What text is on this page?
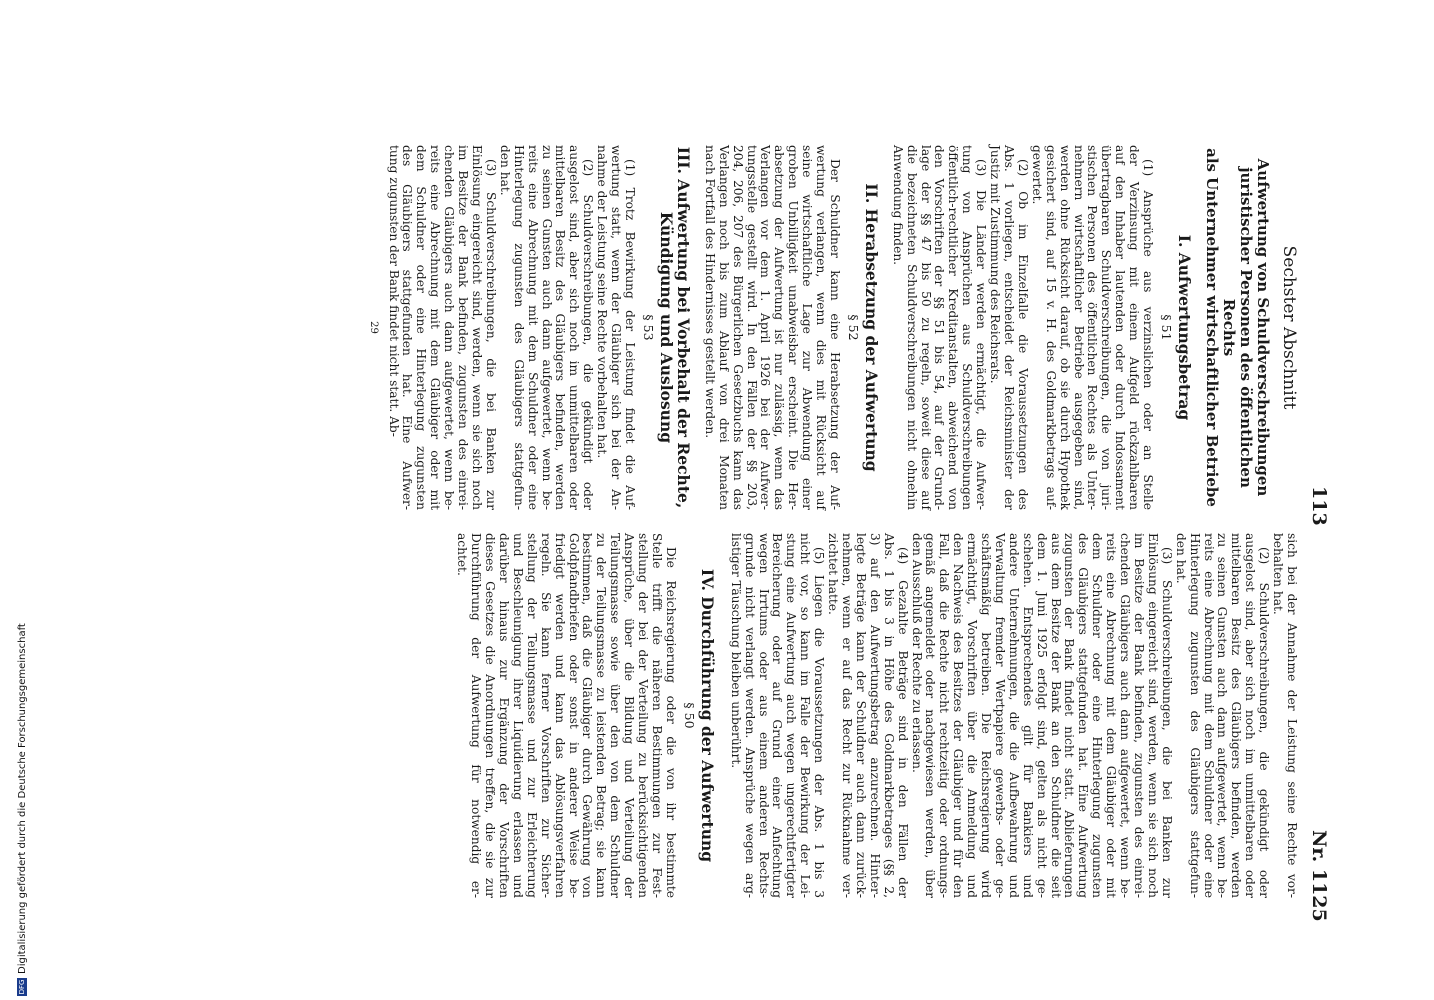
113
Nr. 1125
Sechster Abschnitt
Aufwertung von Schuldverschreibungen
juristischer Personen des öffentlichen Rechts
als Unternehmer wirtschaftlicher Betriebe
I. Aufwertungsbetrag
§ 51
(1) Ansprüche aus verzinslichen oder an Stelle
der Verzinsung mit einem Aufgeld rückzahlbaren
auf den Inhaber lautenden oder durch Indossament
übertragbaren Schuldverschreibungen, die von juri-
stischen Personen des öffentlichen Rechtes als Unter-
nehmern wirtschaftlicher Betriebe ausgegeben sind,
werden ohne Rücksicht darauf, ob sie durch Hypothek
gesichert sind, auf 15 v. H. des Goldmarkbetrags auf-
gewertet.
(2) Ob im Einzelfalle die Voraussetzungen des
Abs. 1 vorliegen, entscheidet der Reichsminister der
Justiz mit Zustimmung des Reichsrats.
(3) Die Länder werden ermächtigt, die Aufwer-
tung von Ansprüchen aus Schuldverschreibungen
öffentlich-rechtlicher Kreditanstalten, abweichend von
den Vorschriften der §§ 51 bis 54, auf der Grund-
lage der §§ 47 bis 50 zu regeln, soweit diese auf
die bezeichneten Schuldverschreibungen nicht ohnehin
Anwendung finden.
II. Herabsetzung der Aufwertung
§ 52
Der Schuldner kann eine Herabsetzung der Auf-
wertung verlangen, wenn dies mit Rücksicht auf
seine wirtschaftliche Lage zur Abwendung einer
groben Unbilligkeit unabweisbar erscheint. Die Her-
absetzung der Aufwertung ist nur zulässig, wenn das
Verlangen vor dem 1. April 1926 bei der Aufwer-
tungsstelle gestellt wird. In den Fällen der §§ 203,
204, 206, 207 des Bürgerlichen Gesetzbuchs kann das
Verlangen noch bis zum Ablauf von drei Monaten
nach Fortfall des Hindernisses gestellt werden.
III. Aufwertung bei Vorbehalt der Rechte,
Kündigung und Auslosung
§ 53
(1) Trotz Bewirkung der Leistung findet die Auf-
wertung statt, wenn der Gläubiger sich bei der An-
nahme der Leistung seine Rechte vorbehalten hat.
(2) Schuldverschreibungen, die gekündigt oder
ausgelost sind, aber sich noch im unmittelbaren oder
mittelbaren Besitz des Gläubigers befinden, werden
zu seinen Gunsten auch dann aufgewertet, wenn be-
reits eine Abrechnung mit dem Schuldner oder eine
Hinterlegung zugunsten des Gläubigers stattgefun-
den hat.
(3) Schuldverschreibungen, die bei Banken zur
Einlösung eingereicht sind, werden, wenn sie sich noch
im Besitze der Bank befinden, zugunsten des einrei-
chenden Gläubigers auch dann aufgewertet, wenn be-
reits eine Abrechnung mit dem Gläubiger oder mit
dem Schuldner oder eine Hinterlegung zugunsten
des Gläubigers stattgefunden hat. Eine Aufwer-
tung zugunsten der Bank findet nicht statt. Ab-
29
sich bei der Annahme der Leistung seine Rechte vor-
behalten hat.
(2) Schuldverschreibungen, die gekündigt oder
ausgelost sind, aber sich noch im unmittelbaren oder
mittelbaren Besitz des Gläubigers befinden, werden
zu seinen Gunsten auch dann aufgewertet, wenn be-
reits eine Abrechnung mit dem Schuldner oder eine
Hinterlegung zugunsten des Gläubigers stattgefun-
den hat.
(3) Schuldverschreibungen, die bei Banken zur
Einlösung eingereicht sind, werden, wenn sie sich noch
im Besitze der Bank befinden, zugunsten des einrei-
chenden Gläubigers auch dann aufgewertet, wenn be-
reits eine Abrechnung mit dem Gläubiger oder mit
dem Schuldner oder eine Hinterlegung zugunsten
des Gläubigers stattgefunden hat. Eine Aufwertung
zugunsten der Bank findet nicht statt. Ablieferungen
aus dem Besitze der Bank an den Schuldner die seit
dem 1. Juni 1925 erfolgt sind, gelten als nicht ge-
schehen. Entsprechendes gilt für Bankiers und
andere Unternehmungen, die die Aufbewahrung und
Verwaltung fremder Wertpapiere gewerbs- oder ge-
schäftsmäßig betreiben. Die Reichsregierung wird
ermächtigt, Vorschriften über die Anmeldung und
den Nachweis des Besitzes der Gläubiger und für den
Fall, daß die Rechte nicht rechtzeitig oder ordnungs-
gemäß angemeldet oder nachgewiesen werden, über
den Ausschluß der Rechte zu erlassen.
(4) Gezahlte Beträge sind in den Fällen der
Abs. 1 bis 3 in Höhe des Goldmarkbetrages (§§ 2,
3) auf den Aufwertungsbetrag anzurechnen. Hinter-
legte Beträge kann der Schuldner auch dann zurück-
nehmen, wenn er auf das Recht zur Rücknahme ver-
zichtet hatte.
(5) Liegen die Voraussetzungen der Abs. 1 bis 3
nicht vor, so kann im Falle der Bewirkung der Lei-
stung eine Aufwertung auch wegen ungerechtfertigter
Bereicherung oder auf Grund einer Anfechtung
wegen Irrtums oder aus einem anderen Rechts-
grunde nicht verlangt werden. Ansprüche wegen arg-
listiger Täuschung bleiben unberührt.
IV. Durchführung der Aufwertung
§ 50
Die Reichsregierung oder die von ihr bestimmte
Stelle trifft die näheren Bestimmungen zur Fest-
stellung der bei der Verteilung zu berücksichtigenden
Ansprüche, über die Bildung und Verteilung der
Teilungsmasse sowie über den von dem Schuldner
zu der Teilungsmasse zu leistenden Betrag; sie kann
bestimmen, daß die Gläubiger durch Gewährung von
Goldpfandbriefen oder sonst in anderer Weise be-
friedigt werden und kann das Ablösungsverfahren
regeln. Sie kann ferner Vorschriften zur Sicher-
stellung der Teilungsmasse und zur Erleichterung
und Beschleunigung ihrer Liquidierung erlassen und
darüber hinaus zur Ergänzung der Vorschriften
dieses Gesetzes die Anordnungen treffen, die sie zur
Durchführung der Aufwertung für notwendig er-
achtet.
DFGDigitalisierung gefördert durch die Deutsche Forschungsgemeinschaft
